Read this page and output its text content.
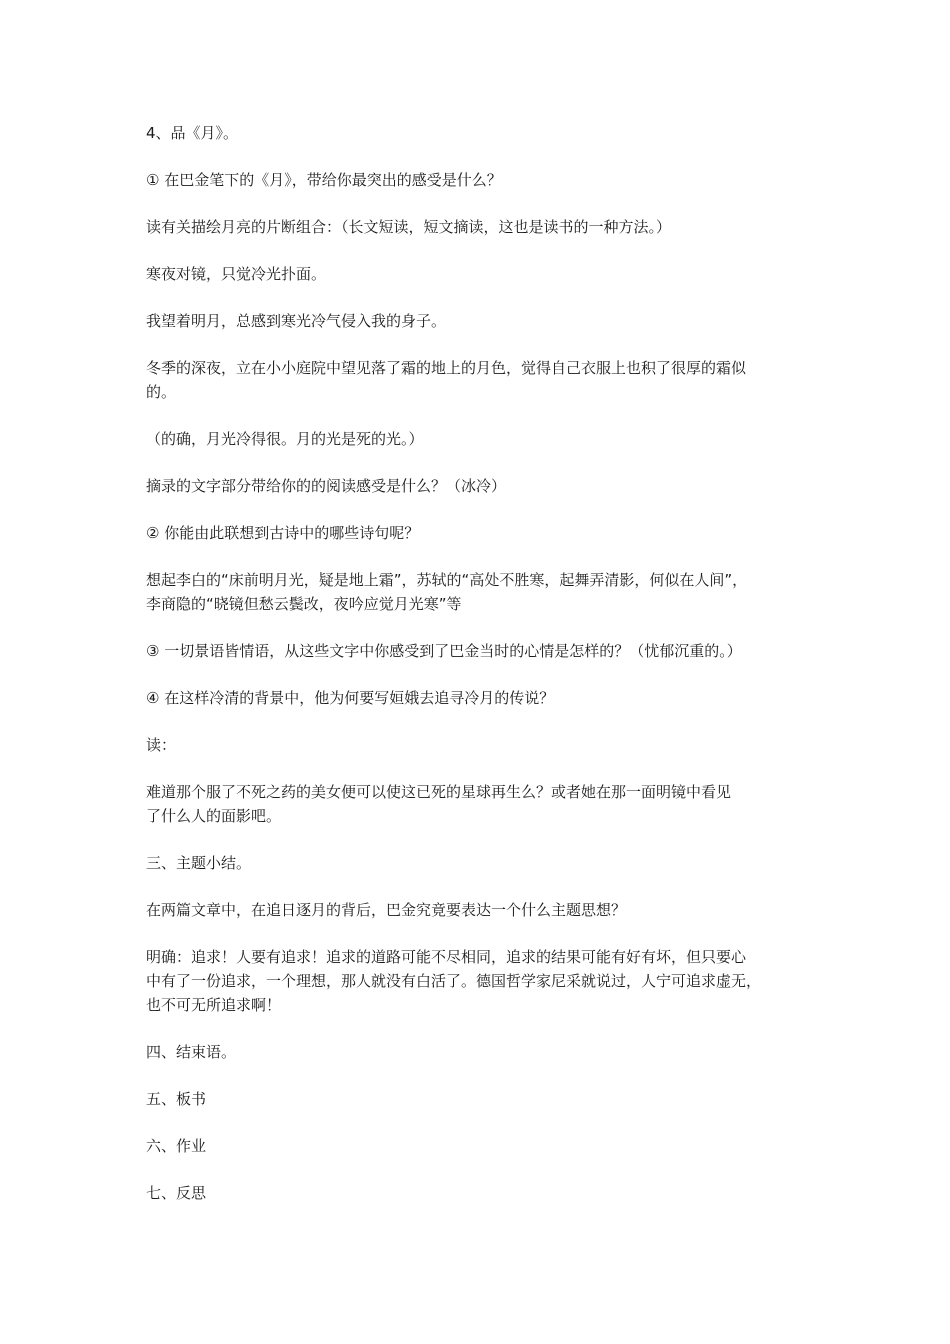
4、品《月》。

① 在巴金笔下的《月》，带给你最突出的感受是什么？

读有关描绘月亮的片断组合：（长文短读，短文摘读，这也是读书的一种方法。）

寒夜对镜，只觉冷光扑面。

我望着明月，总感到寒光冷气侵入我的身子。

冬季的深夜，立在小小庭院中望见落了霜的地上的月色，觉得自己衣服上也积了很厚的霜似
的。

（的确，月光冷得很。月的光是死的光。）

摘录的文字部分带给你的的阅读感受是什么？（冰冷）

② 你能由此联想到古诗中的哪些诗句呢？

想起李白的“床前明月光，疑是地上霜”，苏轼的“高处不胜寒，起舞弄清影，何似在人间”，
李商隐的“晓镜但愁云鬓改，夜吟应觉月光寒”等

③ 一切景语皆情语，从这些文字中你感受到了巴金当时的心情是怎样的？（忧郁沉重的。）

④ 在这样冷清的背景中，他为何要写姮娥去追寻冷月的传说？

读：

难道那个服了不死之药的美女便可以使这已死的星球再生么？或者她在那一面明镜中看见
了什么人的面影吧。

三、主题小结。

在两篇文章中，在追日逐月的背后，巴金究竟要表达一个什么主题思想？

明确：追求！人要有追求！追求的道路可能不尽相同，追求的结果可能有好有坏，但只要心
中有了一份追求，一个理想，那人就没有白活了。德国哲学家尼采就说过，人宁可追求虚无，
也不可无所追求啊！

四、结束语。

五、板书

六、作业

七、反思
